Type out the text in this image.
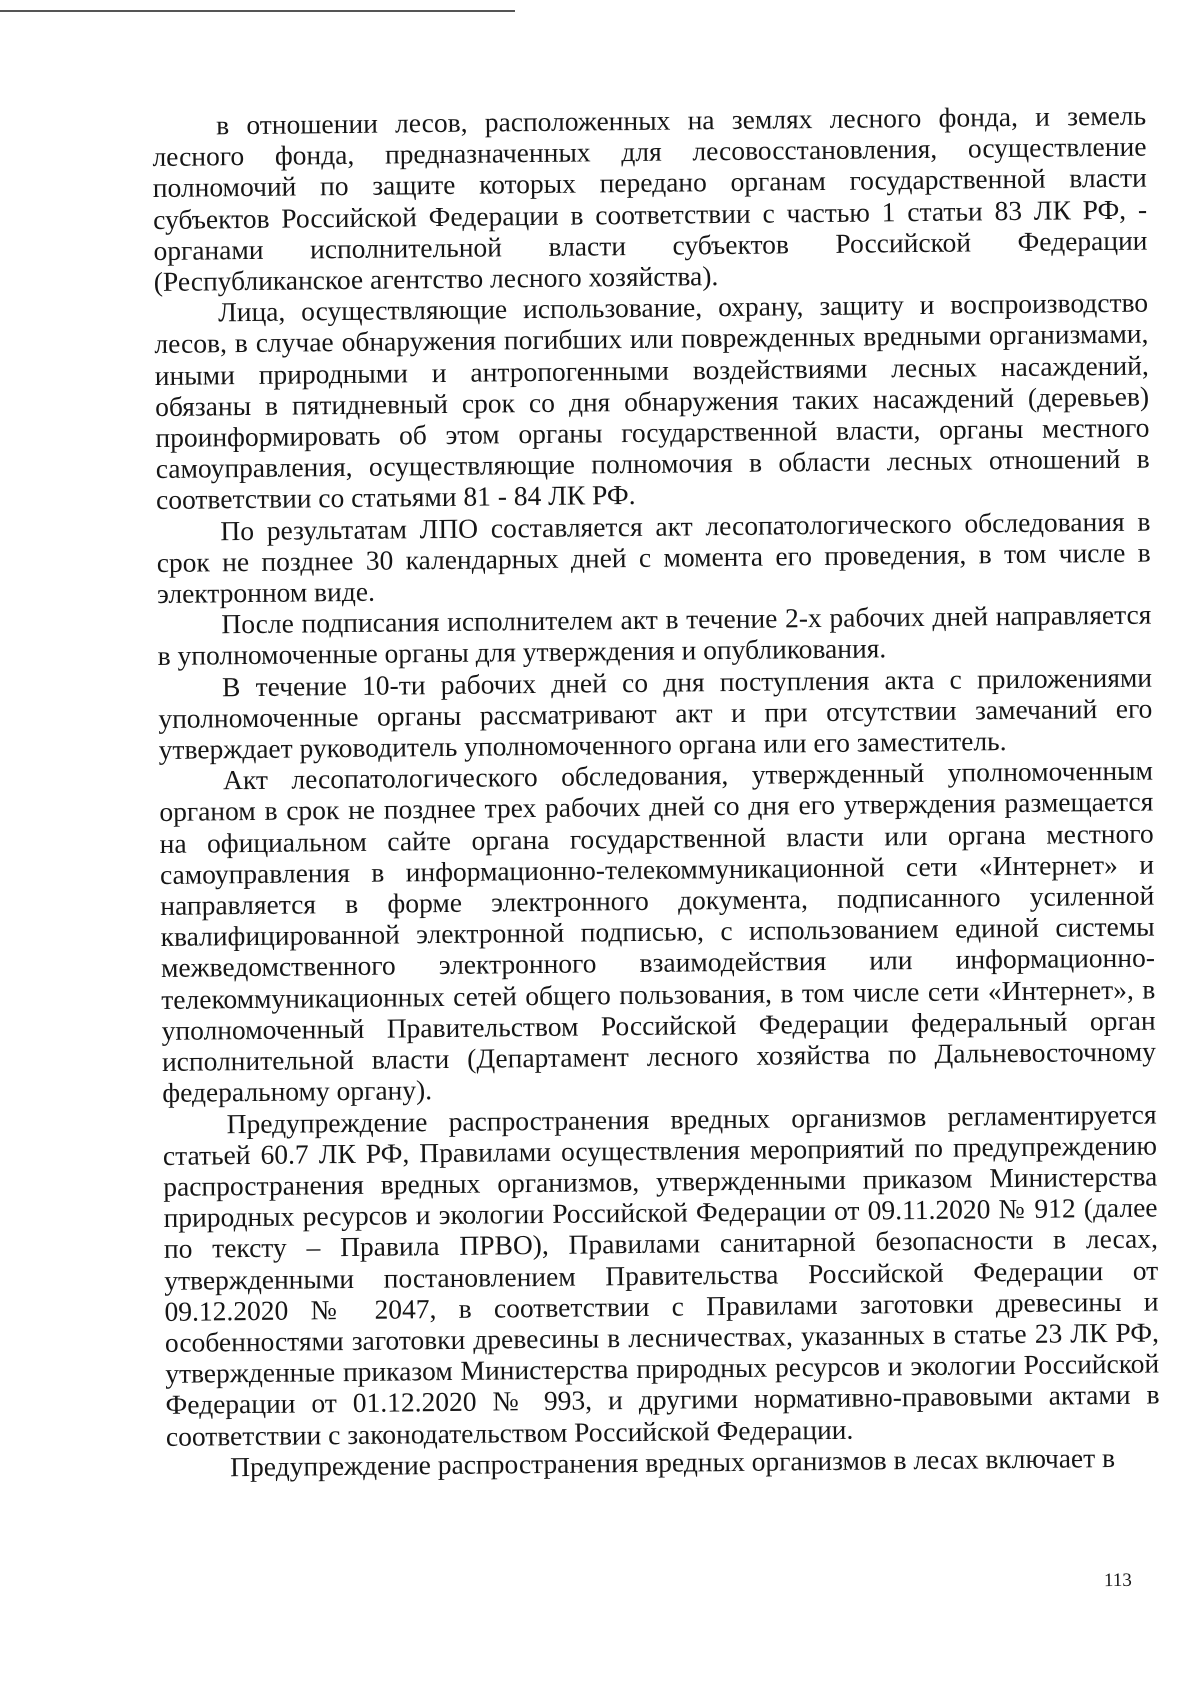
в отношении лесов, расположенных на землях лесного фонда, и земель лесного фонда, предназначенных для лесовосстановления, осуществление полномочий по защите которых передано органам государственной власти субъектов Российской Федерации в соответствии с частью 1 статьи 83 ЛК РФ, - органами исполнительной власти субъектов Российской Федерации (Республиканское агентство лесного хозяйства).

Лица, осуществляющие использование, охрану, защиту и воспроизводство лесов, в случае обнаружения погибших или поврежденных вредными организмами, иными природными и антропогенными воздействиями лесных насаждений, обязаны в пятидневный срок со дня обнаружения таких насаждений (деревьев) проинформировать об этом органы государственной власти, органы местного самоуправления, осуществляющие полномочия в области лесных отношений в соответствии со статьями 81 - 84 ЛК РФ.

По результатам ЛПО составляется акт лесопатологического обследования в срок не позднее 30 календарных дней с момента его проведения, в том числе в электронном виде.

После подписания исполнителем акт в течение 2-х рабочих дней направляется в уполномоченные органы для утверждения и опубликования.

В течение 10-ти рабочих дней со дня поступления акта с приложениями уполномоченные органы рассматривают акт и при отсутствии замечаний его утверждает руководитель уполномоченного органа или его заместитель.

Акт лесопатологического обследования, утвержденный уполномоченным органом в срок не позднее трех рабочих дней со дня его утверждения размещается на официальном сайте органа государственной власти или органа местного самоуправления в информационно-телекоммуникационной сети «Интернет» и направляется в форме электронного документа, подписанного усиленной квалифицированной электронной подписью, с использованием единой системы межведомственного электронного взаимодействия или информационно-телекоммуникационных сетей общего пользования, в том числе сети «Интернет», в уполномоченный Правительством Российской Федерации федеральный орган исполнительной власти (Департамент лесного хозяйства по Дальневосточному федеральному органу).

Предупреждение распространения вредных организмов регламентируется статьей 60.7 ЛК РФ, Правилами осуществления мероприятий по предупреждению распространения вредных организмов, утвержденными приказом Министерства природных ресурсов и экологии Российской Федерации от 09.11.2020 № 912 (далее по тексту – Правила ПРВО), Правилами санитарной безопасности в лесах, утвержденными постановлением Правительства Российской Федерации от 09.12.2020 № 2047, в соответствии с Правилами заготовки древесины и особенностями заготовки древесины в лесничествах, указанных в статье 23 ЛК РФ, утвержденные приказом Министерства природных ресурсов и экологии Российской Федерации от 01.12.2020 № 993, и другими нормативно-правовыми актами в соответствии с законодательством Российской Федерации.

Предупреждение распространения вредных организмов в лесах включает в

113
